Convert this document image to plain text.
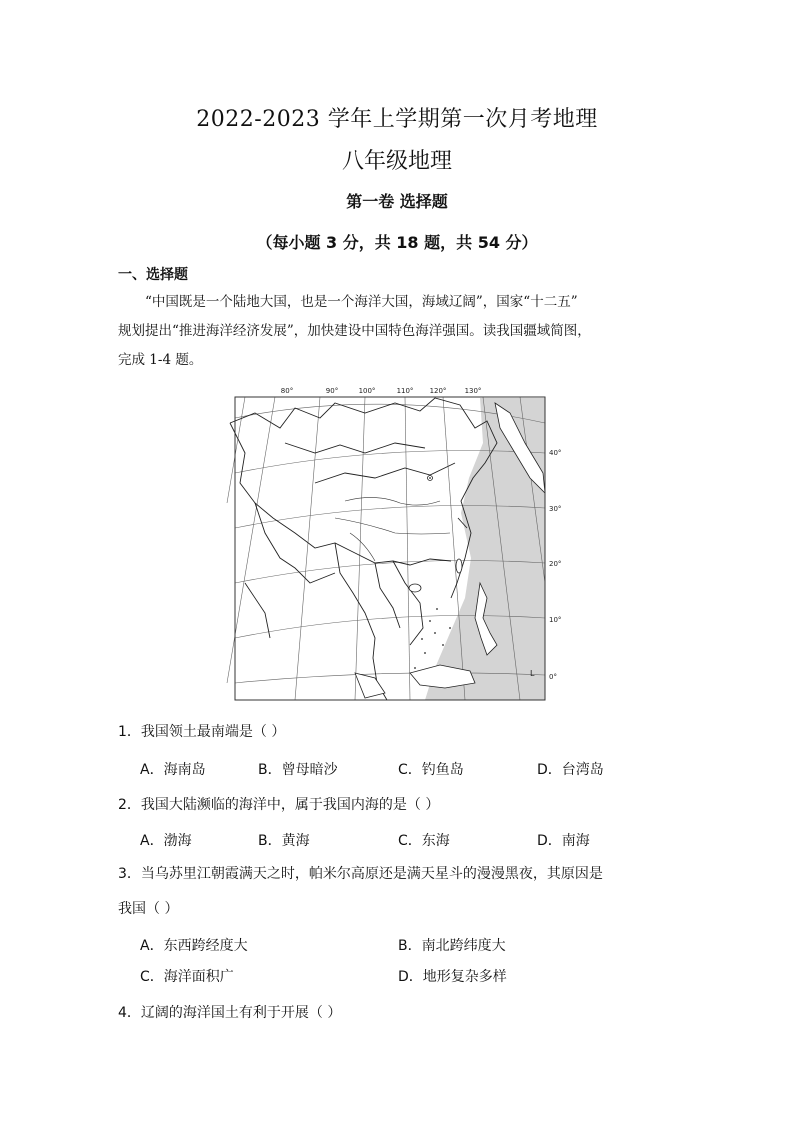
2022-2023 学年上学期第一次月考地理
八年级地理
第一卷 选择题
（每小题 3 分，共 18 题，共 54 分）
一、选择题

“中国既是一个陆地大国，也是一个海洋大国，海域辽阔”，国家“十二五”

规划提出“推进海洋经济发展”，加快建设中国特色海洋强国。读我国疆域简图，

完成 1-4 题。

80°	90°	100°	110° 120°	130°
40°
30°
20°
10°
0°
L
1．我国领土最南端是（ ）
A．海南岛	B．曾母暗沙	C．钓鱼岛	D．台湾岛
2．我国大陆濒临的海洋中，属于我国内海的是（ ）
A．渤海	B．黄海	C．东海	D．南海
3．当乌苏里江朝霞满天之时，帕米尔高原还是满天星斗的漫漫黑夜，其原因是
我国（ ）
A．东西跨经度大	B．南北跨纬度大
C．海洋面积广	D．地形复杂多样
4．辽阔的海洋国土有利于开展（ ）
